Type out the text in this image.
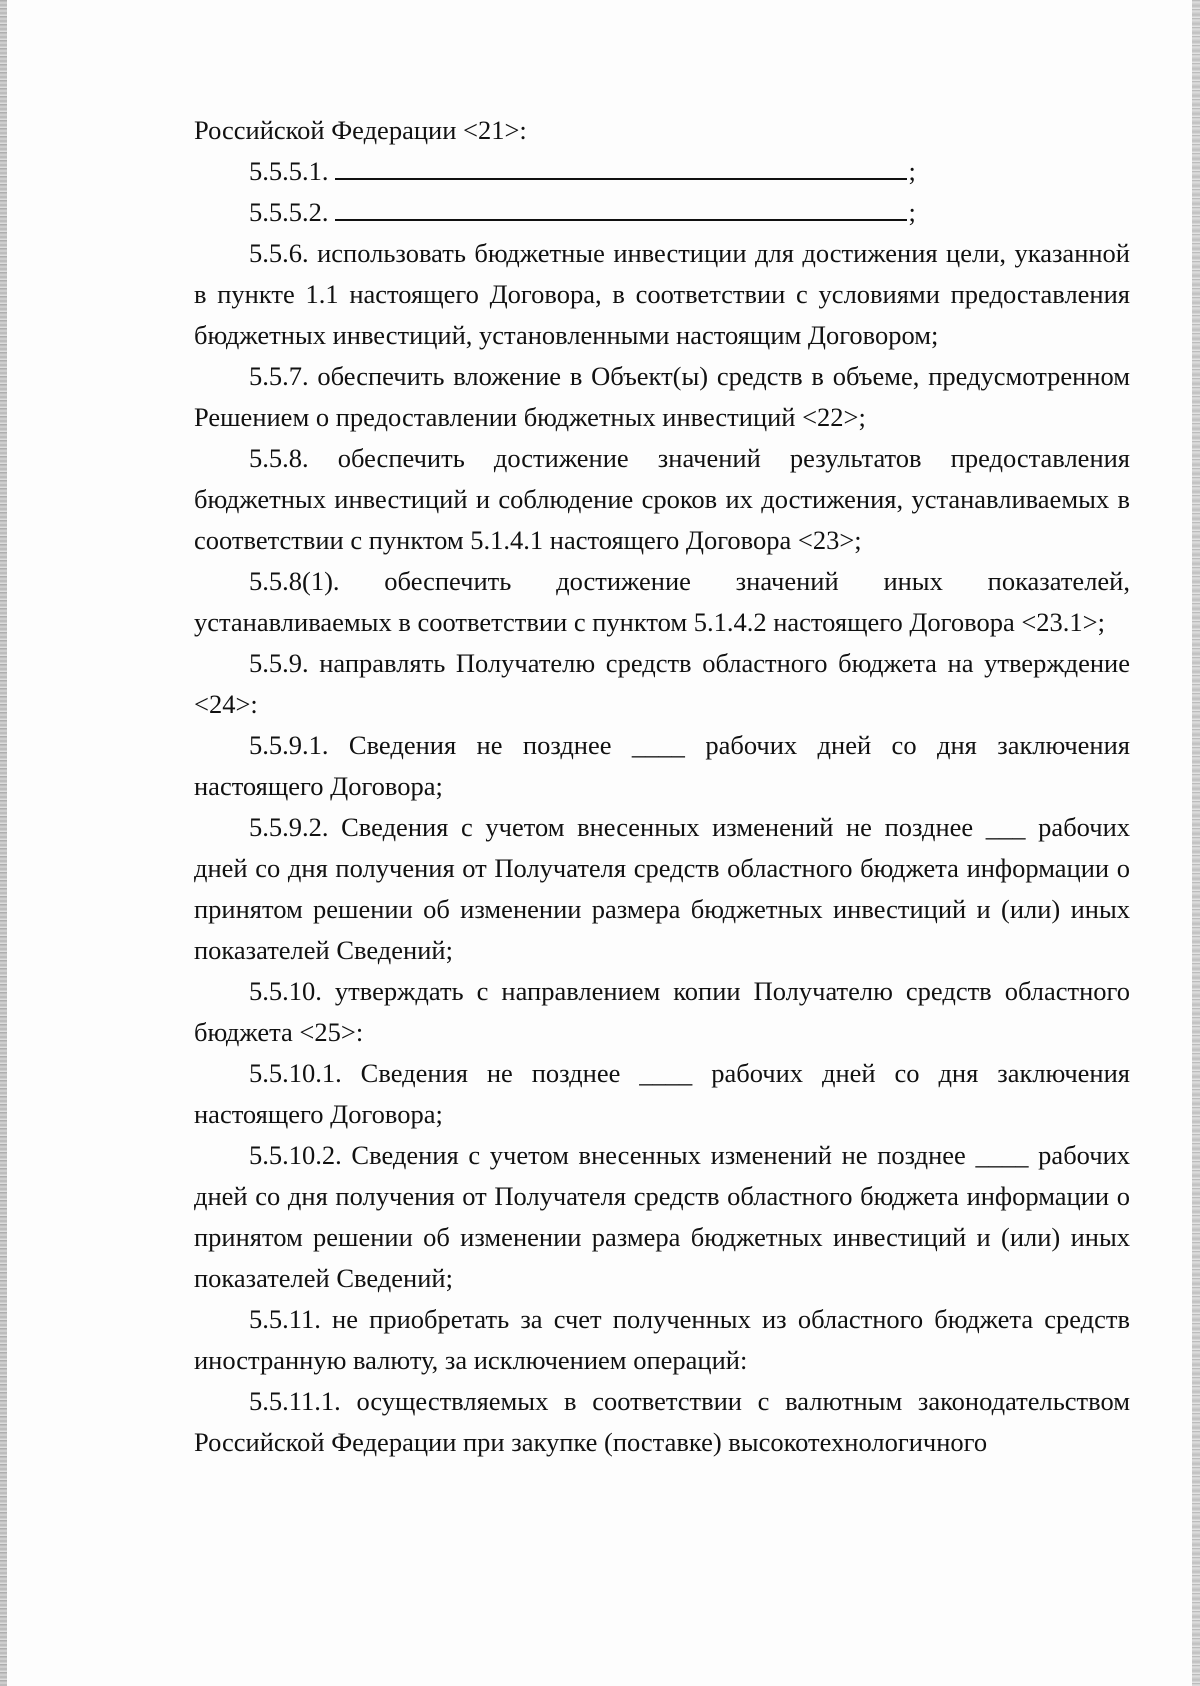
Российской Федерации <21>:

5.5.5.1.	;

5.5.5.2.	;

5.5.6. использовать бюджетные инвестиции для достижения цели, указанной в пункте 1.1 настоящего Договора, в соответствии с условиями предоставления бюджетных инвестиций, установленными настоящим Договором;

5.5.7. обеспечить вложение в Объект(ы) средств в объеме, предусмотренном Решением о предоставлении бюджетных инвестиций <22>;

5.5.8. обеспечить достижение значений результатов предоставления бюджетных инвестиций и соблюдение сроков их достижения, устанавливаемых в соответствии с пунктом 5.1.4.1 настоящего Договора <23>;

5.5.8(1). обеспечить достижение значений иных показателей, устанавливаемых в соответствии с пунктом 5.1.4.2 настоящего Договора <23.1>;

5.5.9. направлять Получателю средств областного бюджета на утверждение <24>:

5.5.9.1. Сведения не позднее ____ рабочих дней со дня заключения настоящего Договора;

5.5.9.2. Сведения с учетом внесенных изменений не позднее ___ рабочих дней со дня получения от Получателя средств областного бюджета информации о принятом решении об изменении размера бюджетных инвестиций и (или) иных показателей Сведений;

5.5.10. утверждать с направлением копии Получателю средств областного бюджета <25>:

5.5.10.1. Сведения не позднее ____ рабочих дней со дня заключения настоящего Договора;

5.5.10.2. Сведения с учетом внесенных изменений не позднее ____ рабочих дней со дня получения от Получателя средств областного бюджета информации о принятом решении об изменении размера бюджетных инвестиций и (или) иных показателей Сведений;

5.5.11. не приобретать за счет полученных из областного бюджета средств иностранную валюту, за исключением операций:

5.5.11.1. осуществляемых в соответствии с валютным законодательством Российской Федерации при закупке (поставке) высокотехнологичного
